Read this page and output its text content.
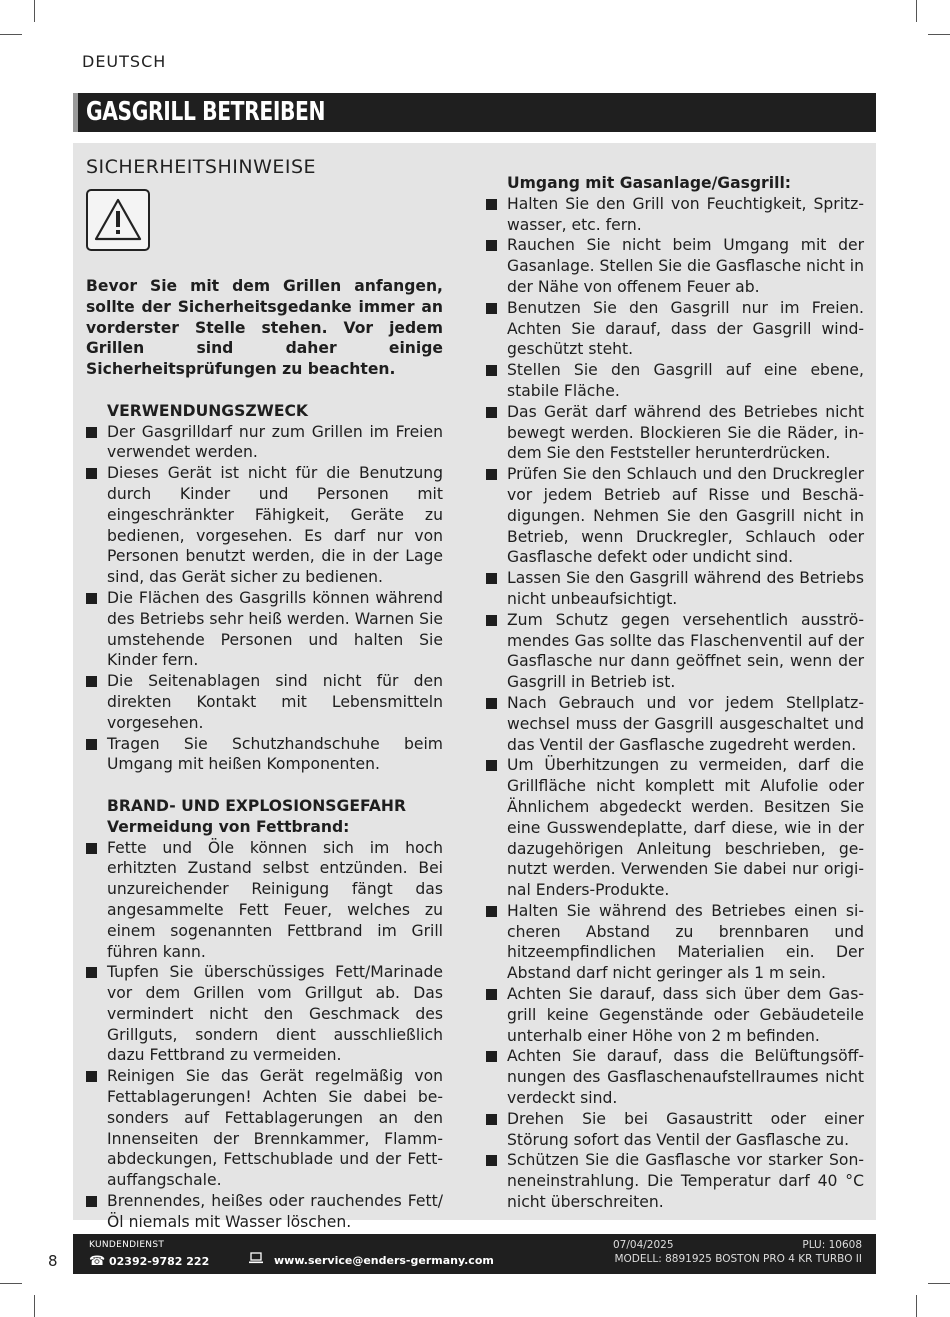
DEUTSCH
GASGRILL BETREIBEN
SICHERHEITSHINWEISE
Bevor Sie mit dem Grillen anfangen, sollte der Sicherheitsgedanke immer an vorderster Stelle stehen. Vor jedem Grillen sind daher einige Sicherheitsprüfungen zu beachten.
VERWENDUNGSZWECK
Der Gasgrilldarf nur zum Grillen im Freien verwendet werden.
Dieses Gerät ist nicht für die Benutzung durch Kinder und Personen mit eingeschränkter Fähigkeit, Geräte zu bedienen, vorgesehen. Es darf nur von Personen benutzt werden, die in der Lage sind, das Gerät sicher zu bedienen.
Die Flächen des Gasgrills können während des Betriebs sehr heiß werden. Warnen Sie umstehende Personen und halten Sie Kinder fern.
Die Seitenablagen sind nicht für den direkten Kontakt mit Lebensmitteln vorgesehen.
Tragen Sie Schutzhandschuhe beim Umgang mit heißen Komponenten.
BRAND- UND EXPLOSIONSGEFAHR
Vermeidung von Fettbrand:
Fette und Öle können sich im hoch erhitzten Zustand selbst entzünden. Bei unzureichender Reinigung fängt das angesammelte Fett Feuer, welches zu einem sogenannten Fettbrand im Grill führen kann.
Tupfen Sie überschüssiges Fett/Marinade vor dem Grillen vom Grillgut ab. Das vermindert nicht den Geschmack des Grillguts, sondern dient ausschließlich dazu Fettbrand zu vermeiden.
Reinigen Sie das Gerät regelmäßig von Fettablagerungen! Achten Sie dabei besonders auf Fettablagerungen an den Innenseiten der Brennkammer, Flammabdeckungen, Fettschublade und der Fettauffangschale.
Brennendes, heißes oder rauchendes Fett/Öl niemals mit Wasser löschen.
Umgang mit Gasanlage/Gasgrill:
Halten Sie den Grill von Feuchtigkeit, Spritzwasser, etc. fern.
Rauchen Sie nicht beim Umgang mit der Gasanlage. Stellen Sie die Gasflasche nicht in der Nähe von offenem Feuer ab.
Benutzen Sie den Gasgrill nur im Freien. Achten Sie darauf, dass der Gasgrill windgeschützt steht.
Stellen Sie den Gasgrill auf eine ebene, stabile Fläche.
Das Gerät darf während des Betriebes nicht bewegt werden. Blockieren Sie die Räder, indem Sie den Feststeller herunterdrücken.
Prüfen Sie den Schlauch und den Druckregler vor jedem Betrieb auf Risse und Beschädigungen. Nehmen Sie den Gasgrill nicht in Betrieb, wenn Druckregler, Schlauch oder Gasflasche defekt oder undicht sind.
Lassen Sie den Gasgrill während des Betriebs nicht unbeaufsichtigt.
Zum Schutz gegen versehentlich ausströmendes Gas sollte das Flaschenventil auf der Gasflasche nur dann geöffnet sein, wenn der Gasgrill in Betrieb ist.
Nach Gebrauch und vor jedem Stellplatzwechsel muss der Gasgrill ausgeschaltet und das Ventil der Gasflasche zugedreht werden.
Um Überhitzungen zu vermeiden, darf die Grillfläche nicht komplett mit Alufolie oder Ähnlichem abgedeckt werden. Besitzen Sie eine Gusswendeplatte, darf diese, wie in der dazugehörigen Anleitung beschrieben, genutzt werden. Verwenden Sie dabei nur original Enders-Produkte.
Halten Sie während des Betriebes einen sicheren Abstand zu brennbaren und hitzeempfindlichen Materialien ein. Der Abstand darf nicht geringer als 1 m sein.
Achten Sie darauf, dass sich über dem Gasgrill keine Gegenstände oder Gebäudeteile unterhalb einer Höhe von 2 m befinden.
Achten Sie darauf, dass die Belüftungsöffnungen des Gasflaschenaufstellraumes nicht verdeckt sind.
Drehen Sie bei Gasaustritt oder einer Störung sofort das Ventil der Gasflasche zu.
Schützen Sie die Gasflasche vor starker Sonneneinstrahlung. Die Temperatur darf 40 °C nicht überschreiten.
8
KUNDENDIENST
☎ 02392-9782 222	www.service@enders-germany.com
07/04/2025	PLU: 10608
MODELL: 8891925 BOSTON PRO 4 KR TURBO II
